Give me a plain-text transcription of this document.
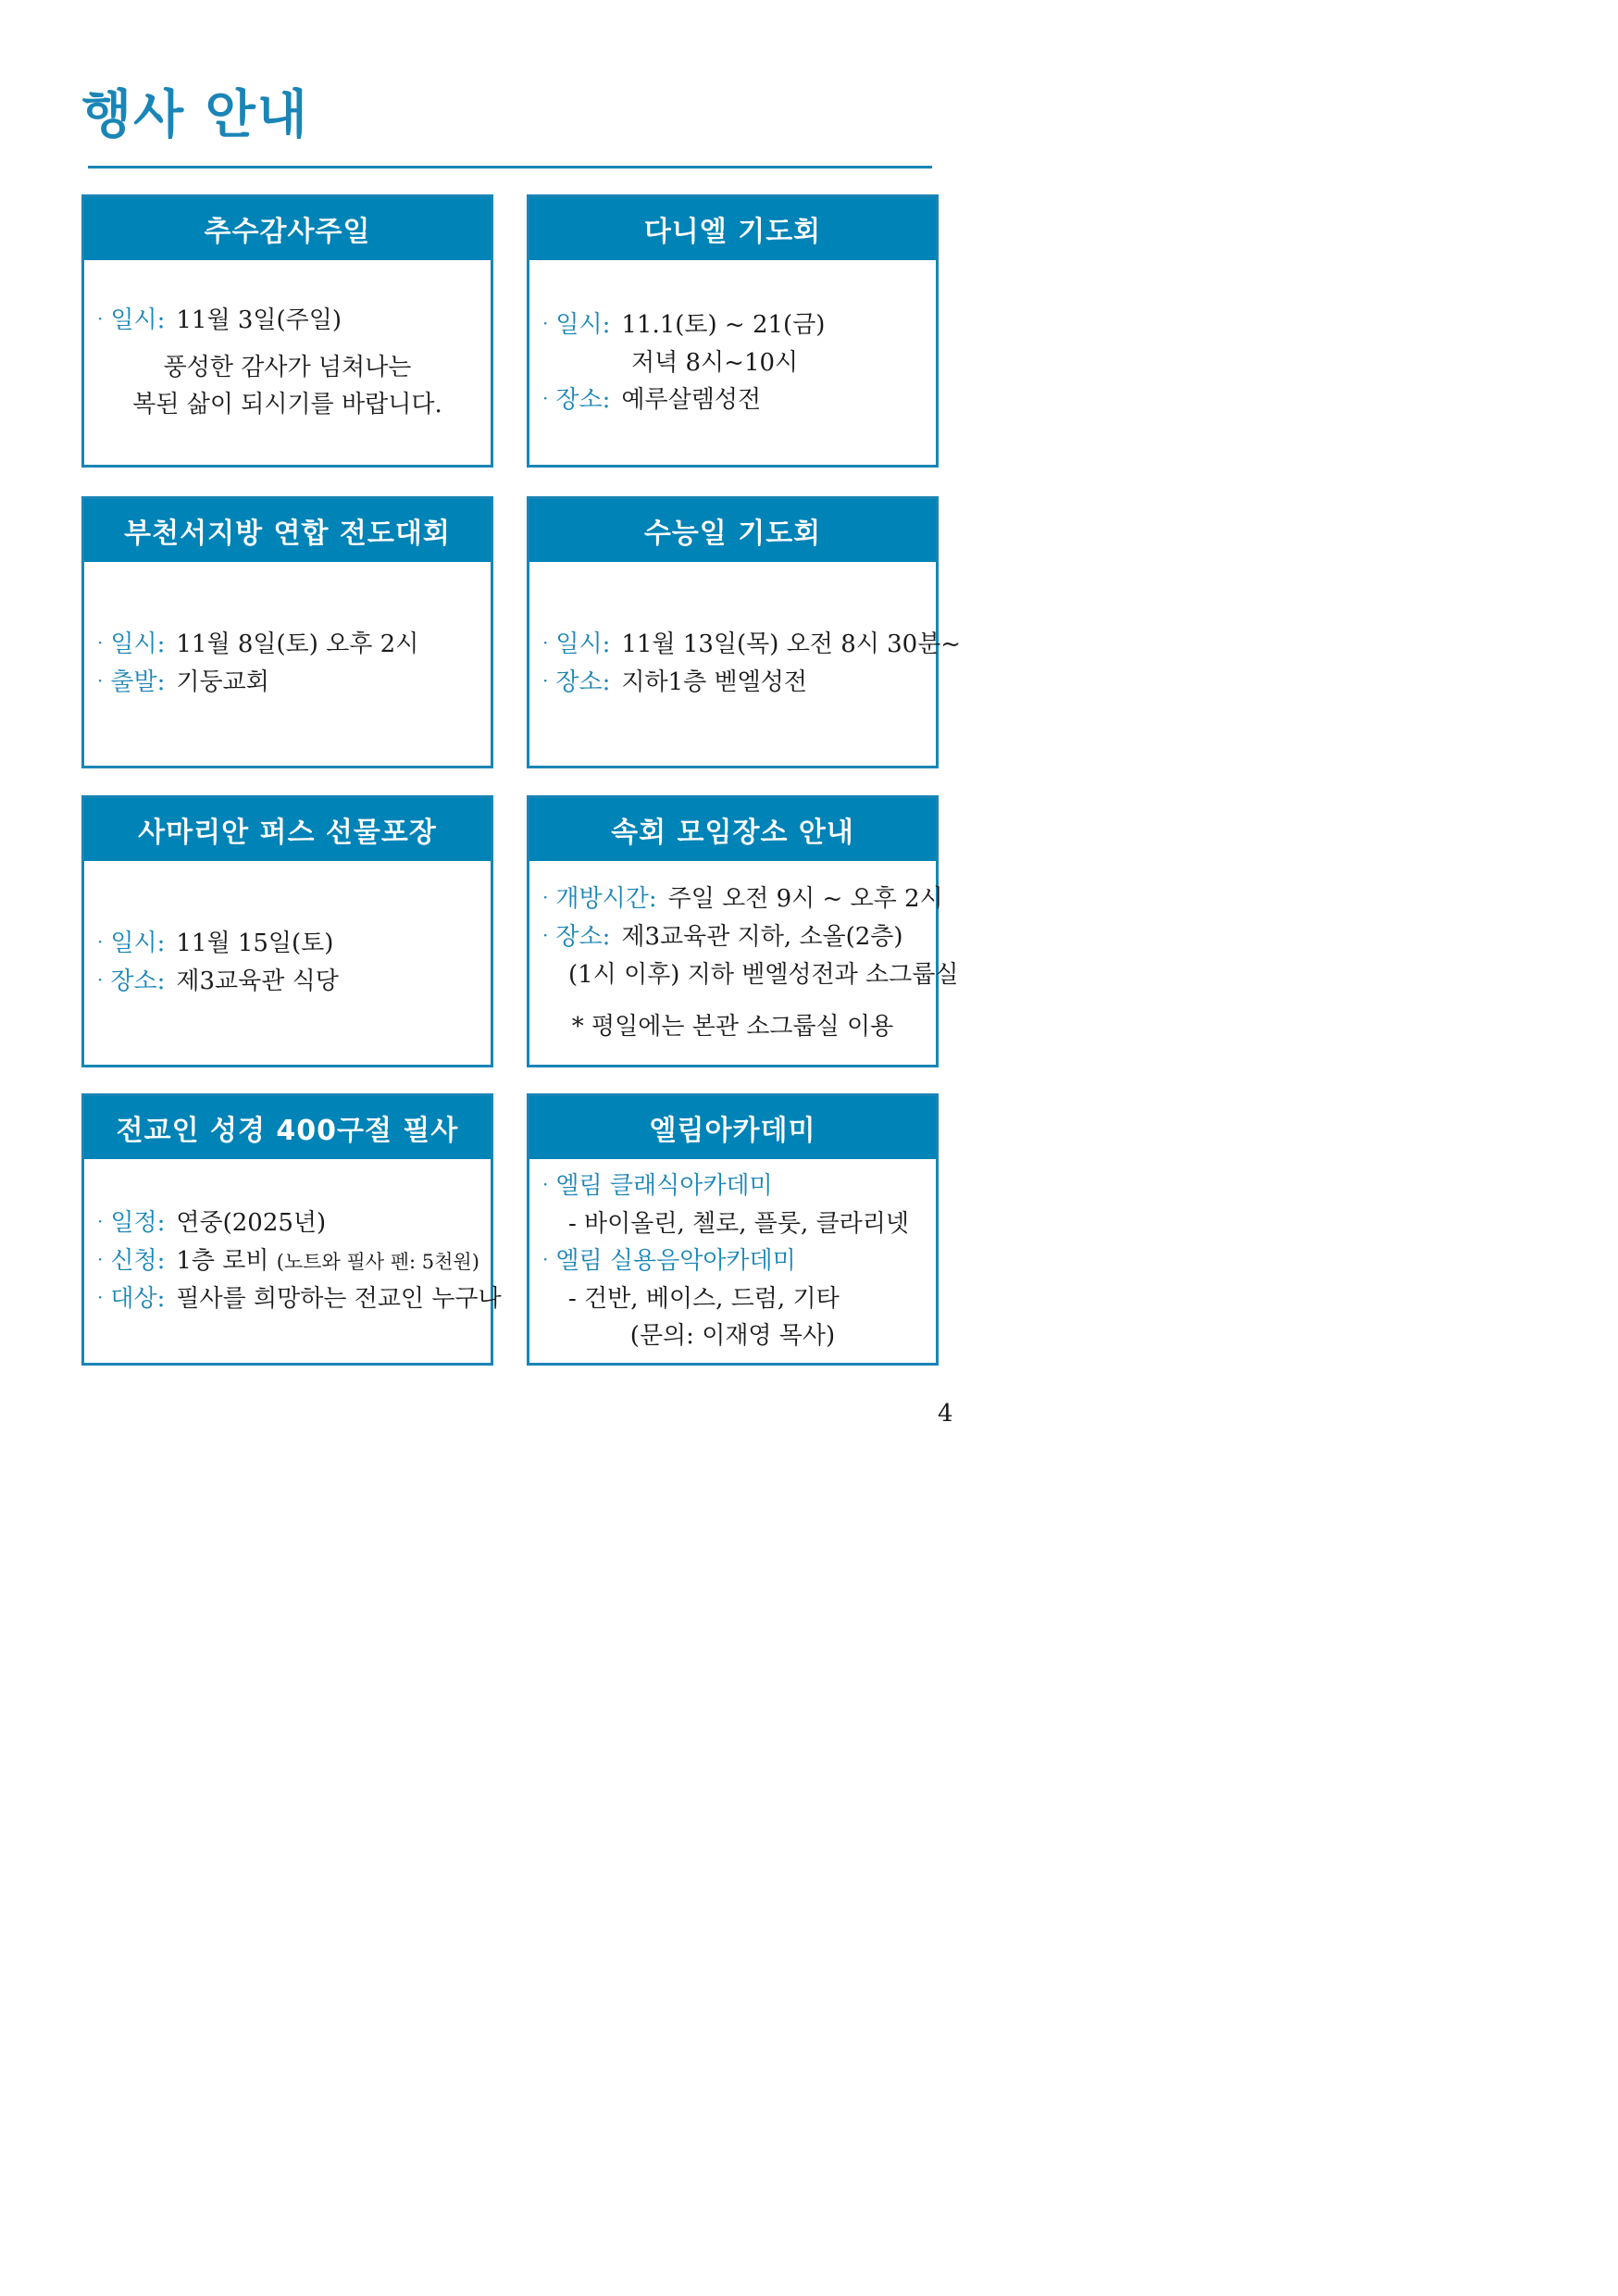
행사 안내
추수감사주일
· 일시: 11월 3일(주일)
풍성한 감사가 넘쳐나는
복된 삶이 되시기를 바랍니다.
다니엘 기도회
· 일시: 11.1(토) ~ 21(금)
저녁 8시~10시
· 장소: 예루살렘성전
부천서지방 연합 전도대회
· 일시: 11월 8일(토) 오후 2시
· 출발: 기둥교회
수능일 기도회
· 일시: 11월 13일(목) 오전 8시 30분~
· 장소: 지하1층 벧엘성전
사마리안 퍼스 선물포장
· 일시: 11월 15일(토)
· 장소: 제3교육관 식당
속회 모임장소 안내
· 개방시간: 주일 오전 9시 ~ 오후 2시
· 장소: 제3교육관 지하, 소올(2층)
(1시 이후) 지하 벧엘성전과 소그룹실
* 평일에는 본관 소그룹실 이용
전교인 성경 400구절 필사
· 일정: 연중(2025년)
· 신청: 1층 로비 (노트와 필사 펜: 5천원)
· 대상: 필사를 희망하는 전교인 누구나
엘림아카데미
· 엘림 클래식아카데미
- 바이올린, 첼로, 플룻, 클라리넷
· 엘림 실용음악아카데미
- 건반, 베이스, 드럼, 기타
(문의: 이재영 목사)
4
